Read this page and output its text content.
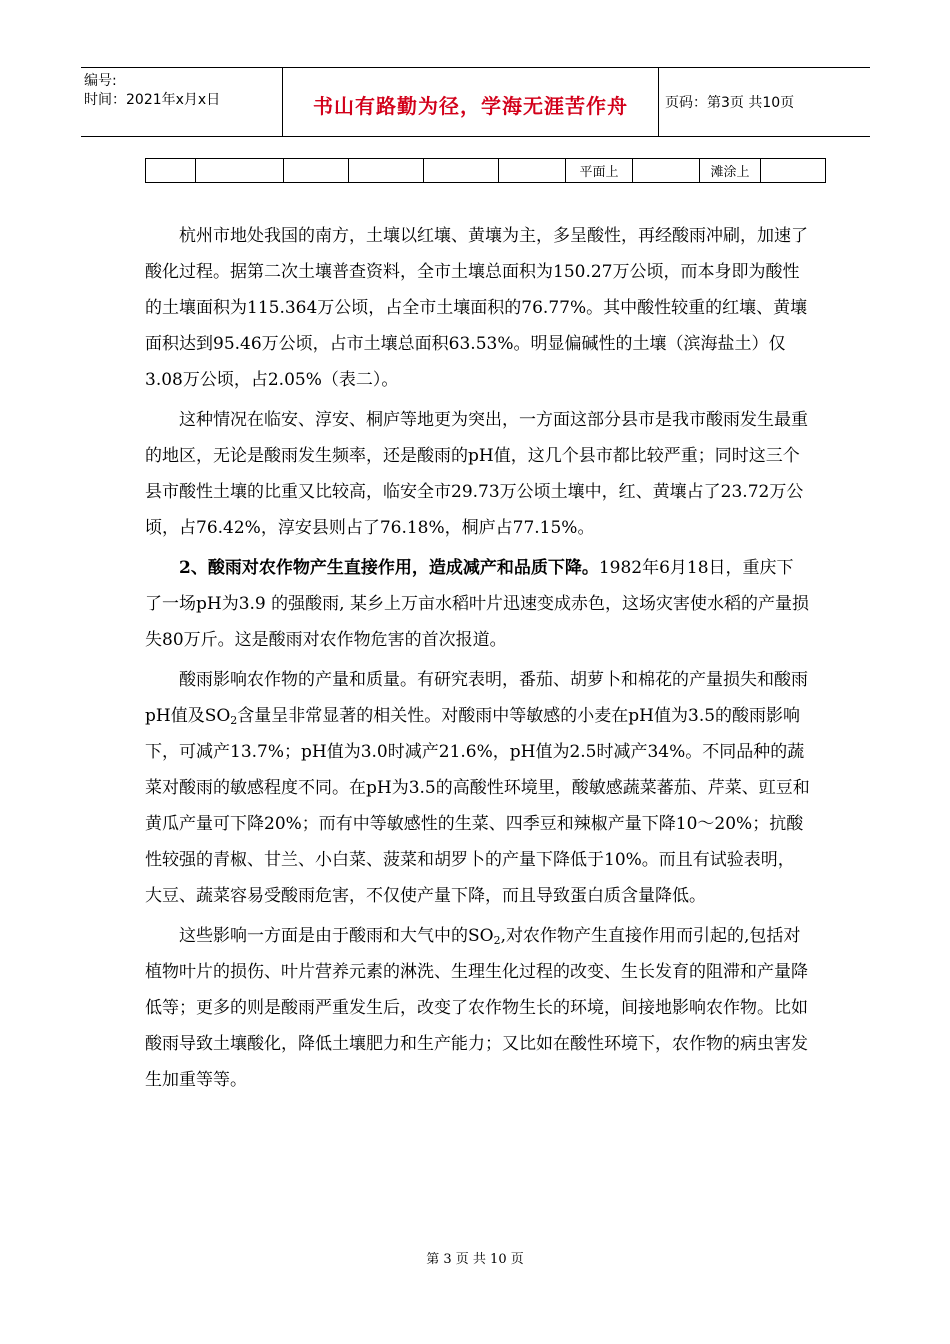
编号:
时间：2021年x月x日	书山有路勤为径，学海无涯苦作舟	页码：第3页 共10页
						平面上		滩涂上	

杭州市地处我国的南方，土壤以红壤、黄壤为主，多呈酸性，再经酸雨冲刷，加速了酸化过程。据第二次土壤普查资料，全市土壤总面积为150.27万公顷，而本身即为酸性的土壤面积为115.364万公顷，占全市土壤面积的76.77%。其中酸性较重的红壤、黄壤面积达到95.46万公顷，占市土壤总面积63.53%。明显偏碱性的土壤（滨海盐土）仅3.08万公顷，占2.05%（表二）。

这种情况在临安、淳安、桐庐等地更为突出，一方面这部分县市是我市酸雨发生最重的地区，无论是酸雨发生频率，还是酸雨的pH值，这几个县市都比较严重；同时这三个县市酸性土壤的比重又比较高，临安全市29.73万公顷土壤中，红、黄壤占了23.72万公顷，占76.42%，淳安县则占了76.18%，桐庐占77.15%。

2、酸雨对农作物产生直接作用，造成减产和品质下降。1982年6月18日，重庆下了一场pH为3.9 的强酸雨, 某乡上万亩水稻叶片迅速变成赤色，这场灾害使水稻的产量损失80万斤。这是酸雨对农作物危害的首次报道。

酸雨影响农作物的产量和质量。有研究表明，番茄、胡萝卜和棉花的产量损失和酸雨pH值及$SO_2$含量呈非常显著的相关性。对酸雨中等敏感的小麦在pH值为3.5的酸雨影响下，可减产13.7%；pH值为3.0时减产21.6%，pH值为2.5时减产34%。不同品种的蔬菜对酸雨的敏感程度不同。在pH为3.5的高酸性环境里，酸敏感蔬菜蕃茄、芹菜、豇豆和黄瓜产量可下降20%；而有中等敏感性的生菜、四季豆和辣椒产量下降10～20%；抗酸性较强的青椒、甘兰、小白菜、菠菜和胡罗卜的产量下降低于10%。而且有试验表明，大豆、蔬菜容易受酸雨危害，不仅使产量下降，而且导致蛋白质含量降低。

这些影响一方面是由于酸雨和大气中的$SO_2$,对农作物产生直接作用而引起的,包括对植物叶片的损伤、叶片营养元素的淋洗、生理生化过程的改变、生长发育的阻滞和产量降低等；更多的则是酸雨严重发生后，改变了农作物生长的环境，间接地影响农作物。比如酸雨导致土壤酸化，降低土壤肥力和生产能力；又比如在酸性环境下，农作物的病虫害发生加重等等。

第 3 页 共 10 页
